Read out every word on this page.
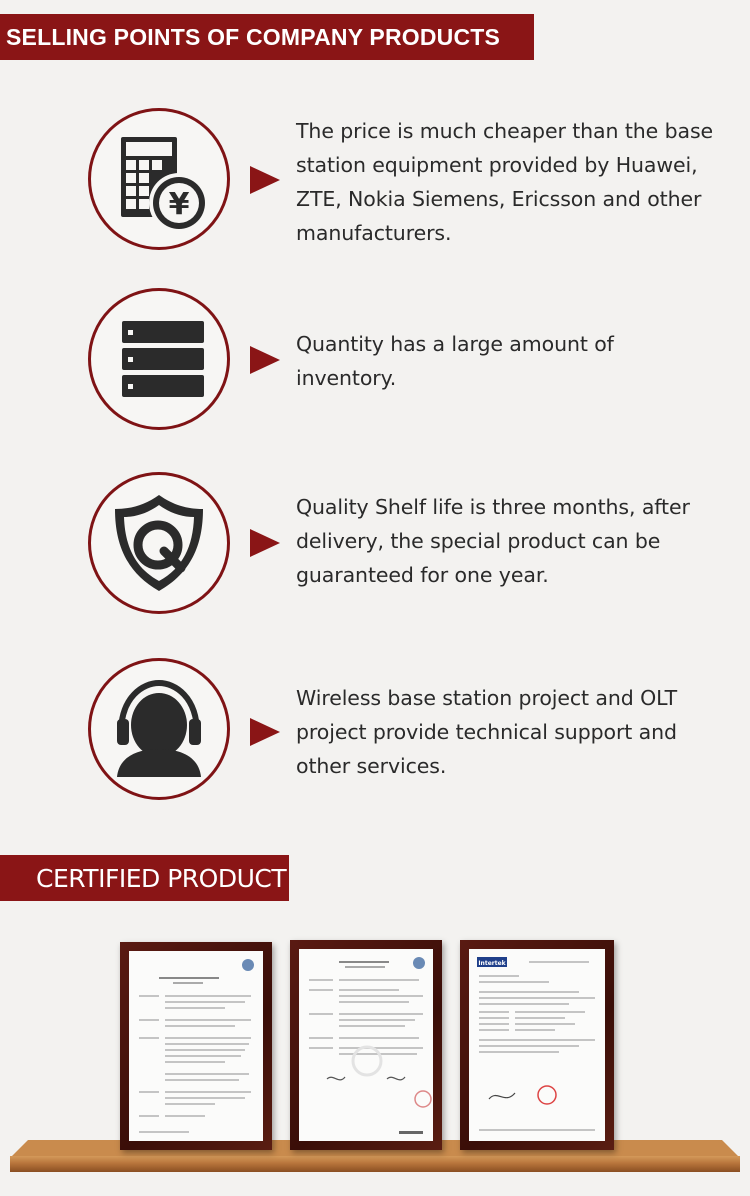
SELLING POINTS OF COMPANY PRODUCTS
¥
The price is much cheaper than the base station equipment provided by Huawei, ZTE, Nokia Siemens, Ericsson and other manufacturers.
Quantity has a large amount of inventory.
Quality Shelf life is three months, after delivery, the special product can be guaranteed for one year.
Wireless base station project and OLT project provide technical support and other services.
CERTIFIED PRODUCT
Intertek
